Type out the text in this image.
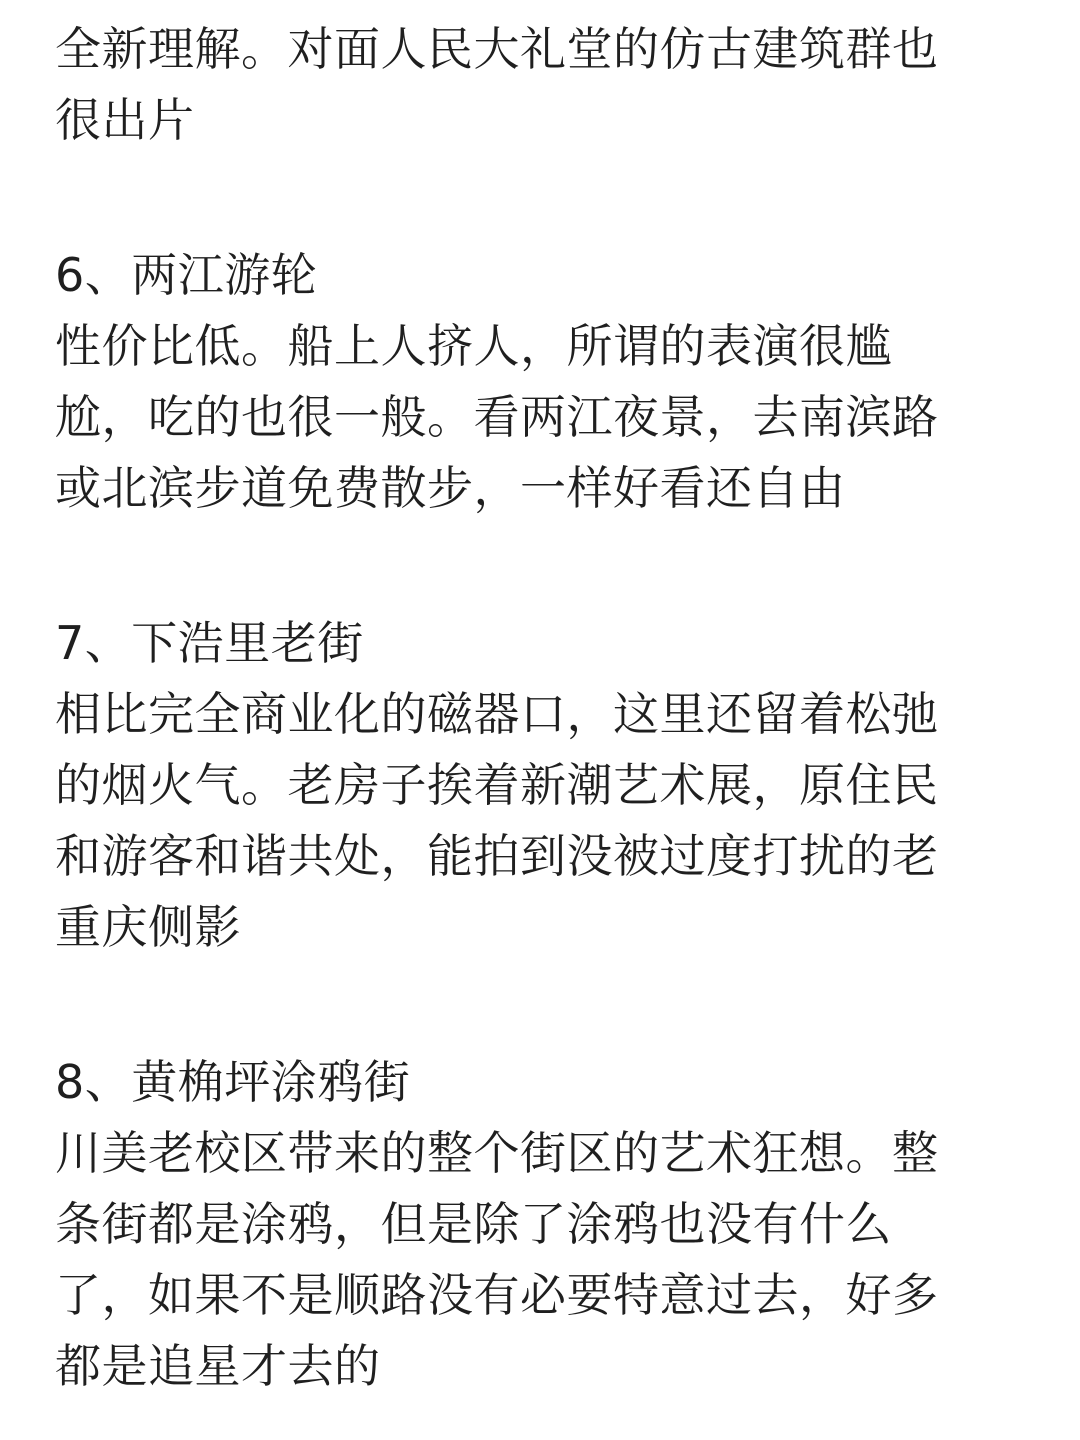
全新理解。对面人民大礼堂的仿古建筑群也
很出片
6、两江游轮
性价比低。船上人挤人，所谓的表演很尴
尬，吃的也很一般。看两江夜景，去南滨路
或北滨步道免费散步，一样好看还自由
7、下浩里老街
相比完全商业化的磁器口，这里还留着松弛
的烟火气。老房子挨着新潮艺术展，原住民
和游客和谐共处，能拍到没被过度打扰的老
重庆侧影
8、黄桷坪涂鸦街
川美老校区带来的整个街区的艺术狂想。整
条街都是涂鸦，但是除了涂鸦也没有什么
了，如果不是顺路没有必要特意过去，好多
都是追星才去的
